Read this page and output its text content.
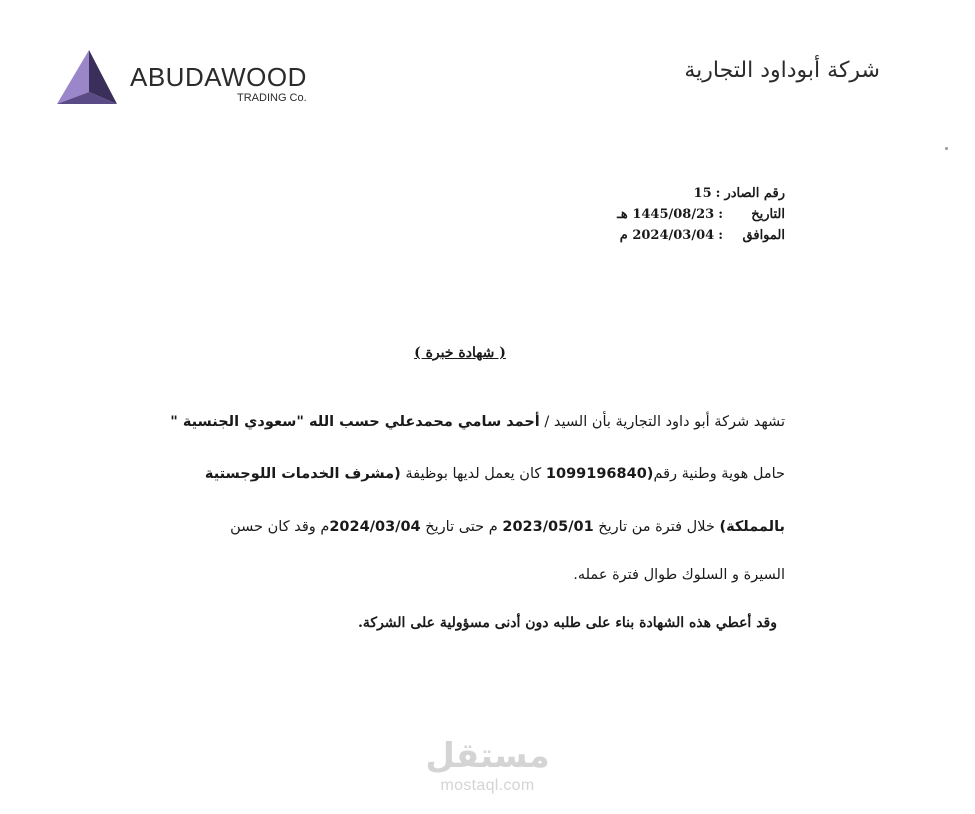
ABUDAWOOD
TRADING Co.
شركة أبوداود التجارية
رقم الصادر
:
15
التاريخ
:
1445/08/23 هـ
الموافق
:
2024/03/04 م
( شهادة خبرة )
تشهد شركة أبو داود التجارية بأن السيد / أحمد سامي محمدعلي حسب الله "سعودي الجنسية "
حامل هوية وطنية رقم(1099196840 كان يعمل لديها بوظيفة (مشرف الخدمات اللوجستية
بالمملكة) خلال فترة من تاريخ 2023/05/01 م حتى تاريخ 2024/03/04م وقد كان حسن
السيرة و السلوك طوال فترة عمله.
وقد أعطي هذه الشهادة بناء على طلبه دون أدنى مسؤولية على الشركة.
مستقل
mostaql.com
